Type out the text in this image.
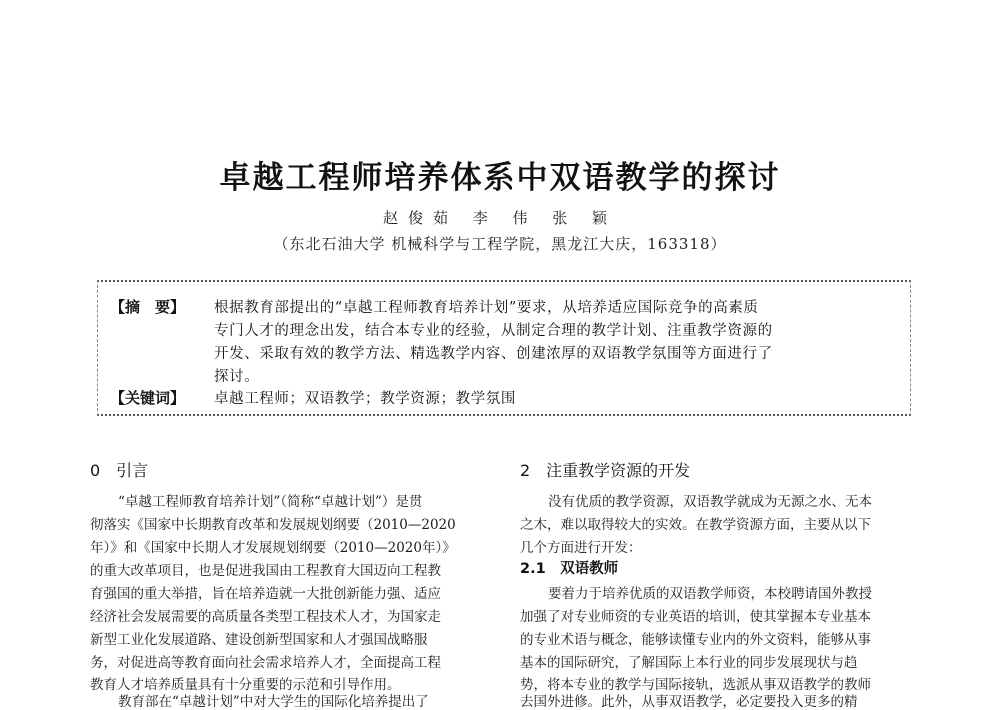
卓越工程师培养体系中双语教学的探讨
赵俊茹 李 伟 张 颖
（东北石油大学 机械科学与工程学院，黑龙江大庆，163318）
【摘　要】	根据教育部提出的“卓越工程师教育培养计划”要求，从培养适应国际竞争的高素质
专门人才的理念出发，结合本专业的经验，从制定合理的教学计划、注重教学资源的
开发、采取有效的教学方法、精选教学内容、创建浓厚的双语教学氛围等方面进行了
探讨。
【关键词】	卓越工程师；双语教学；教学资源；教学氛围
0　引言
“卓越工程师教育培养计划”（简称“卓越计划”）是贯
彻落实《国家中长期教育改革和发展规划纲要（2010—2020
年）》和《国家中长期人才发展规划纲要（2010—2020年）》
的重大改革项目，也是促进我国由工程教育大国迈向工程教
育强国的重大举措，旨在培养造就一大批创新能力强、适应
经济社会发展需要的高质量各类型工程技术人才，为国家走
新型工业化发展道路、建设创新型国家和人才强国战略服
务，对促进高等教育面向社会需求培养人才，全面提高工程
教育人才培养质量具有十分重要的示范和引导作用。
教育部在“卓越计划”中对大学生的国际化培养提出了
2　注重教学资源的开发
没有优质的教学资源，双语教学就成为无源之水、无本
之木，难以取得较大的实效。在教学资源方面，主要从以下
几个方面进行开发：
2.1　双语教师
要着力于培养优质的双语教学师资，本校聘请国外教授
加强了对专业师资的专业英语的培训，使其掌握本专业基本
的专业术语与概念，能够读懂专业内的外文资料，能够从事
基本的国际研究，了解国际上本行业的同步发展现状与趋
势，将本专业的教学与国际接轨，选派从事双语教学的教师
去国外进修。此外，从事双语教学，必定要投入更多的精
